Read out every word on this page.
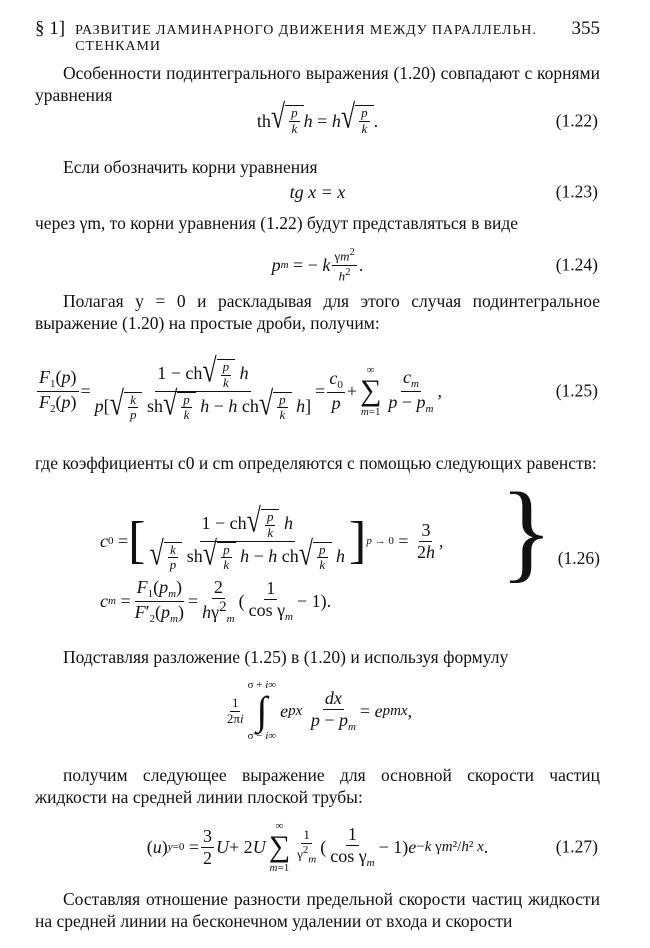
§ 1] РАЗВИТИЕ ЛАМИНАРНОГО ДВИЖЕНИЯ МЕЖДУ ПАРАЛЛЕЛЬН. СТЕНКАМИ
355
Особенности подинтегрального выражения (1.20) совпадают с корнями уравнения
th √ $\frac{p}{k}$ h = h √ $\frac{p}{k}$ .	(1.22)
Если обозначить корни уравнения
tg x = x	(1.23)
через γm, то корни уравнения (1.22) будут представляться в виде
p m = − k $\frac{\gamma m^2}{h^2}$ .	(1.24)
Полагая y = 0 и раскладывая для этого случая подинтегральное выражение (1.20) на простые дроби, получим:
$\frac{F_1(p)}{F_2(p)} = \frac{1 - ch √ \frac{p}{k} h}{p[ √ \frac{k}{p} sh √ \frac{p}{k} h - h ch √ \frac{p}{k} h]} = \frac{c_0}{p}$ +
∞
∑
$m=1 \frac{c_m}{p - p_m}$ ,	(1.25)
где коэффициенты c0 и cm определяются с помощью следующих равенств:
c 0 = [ $\frac{1 - ch √ \frac{p}{k} h}{√ \frac{k}{p} sh √ \frac{p}{k} h - h ch √ \frac{p}{k} h}$ ] $p \to 0 = \frac{3}{2h}$ ,
c $m = \frac{F_1(p_m)}{F'_2(p_m)} = \frac{2}{h\gamma^2_m}$ ( $\frac{1}{\cos \gamma_m} - 1$).
} (1.26)
Подставляя разложение (1.25) в (1.20) и используя формулу
$\frac{1}{2\pi i}$
σ + i∞
∫
σ − i∞
e px
$\frac{dx}{p - p_m} = e$ pmx ,
получим следующее выражение для основной скорости частиц жидкости на средней линии плоской трубы:
( u ) $y=0 = \frac{3}{2}$ U + 2 U
∞
∑
m=1
$\frac{1}{\gamma^2_m}$ ( $\frac{1}{\cos \gamma_m} - 1$) e −k γm²/h² x .	(1.27)
Составляя отношение разности предельной скорости частиц жидкости на средней линии на бесконечном удалении от входа и скорости
